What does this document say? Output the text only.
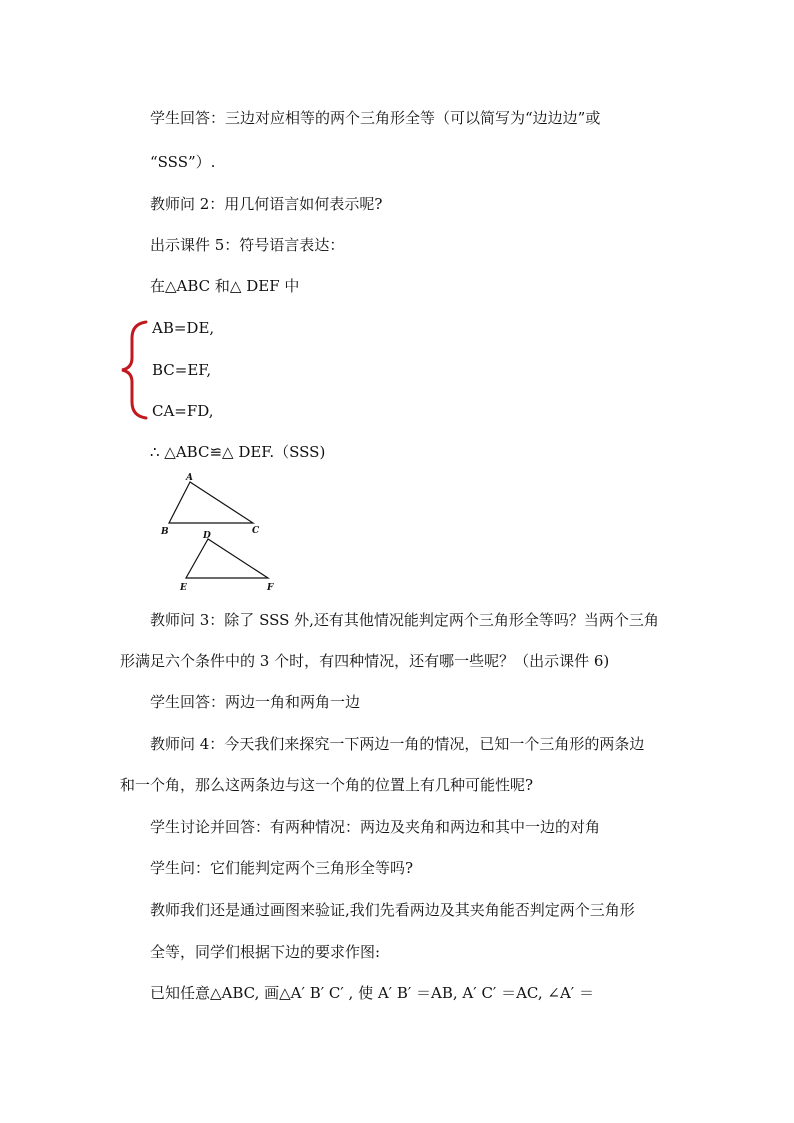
学生回答：三边对应相等的两个三角形全等（可以简写为“边边边”或
“SSS”）.
教师问 2：用几何语言如何表示呢?
出示课件 5：符号语言表达：
在△ABC 和△ DEF 中
AB=DE,
BC=EF,
CA=FD,
∴ △ABC≌△ DEF.（SSS)
A
B	C
D
E	F
教师问 3：除了 SSS 外,还有其他情况能判定两个三角形全等吗？当两个三角
形满足六个条件中的 3 个时，有四种情况，还有哪一些呢？（出示课件 6)
学生回答：两边一角和两角一边
教师问 4：今天我们来探究一下两边一角的情况，已知一个三角形的两条边
和一个角，那么这两条边与这一个角的位置上有几种可能性呢?
学生讨论并回答：有两种情况：两边及夹角和两边和其中一边的对角
学生问：它们能判定两个三角形全等吗?
教师我们还是通过画图来验证,我们先看两边及其夹角能否判定两个三角形
全等，同学们根据下边的要求作图:
已知任意△ABC, 画△A′ B′ C′ , 使 A′ B′ ＝AB, A′ C′ ＝AC, ∠A′ ＝
